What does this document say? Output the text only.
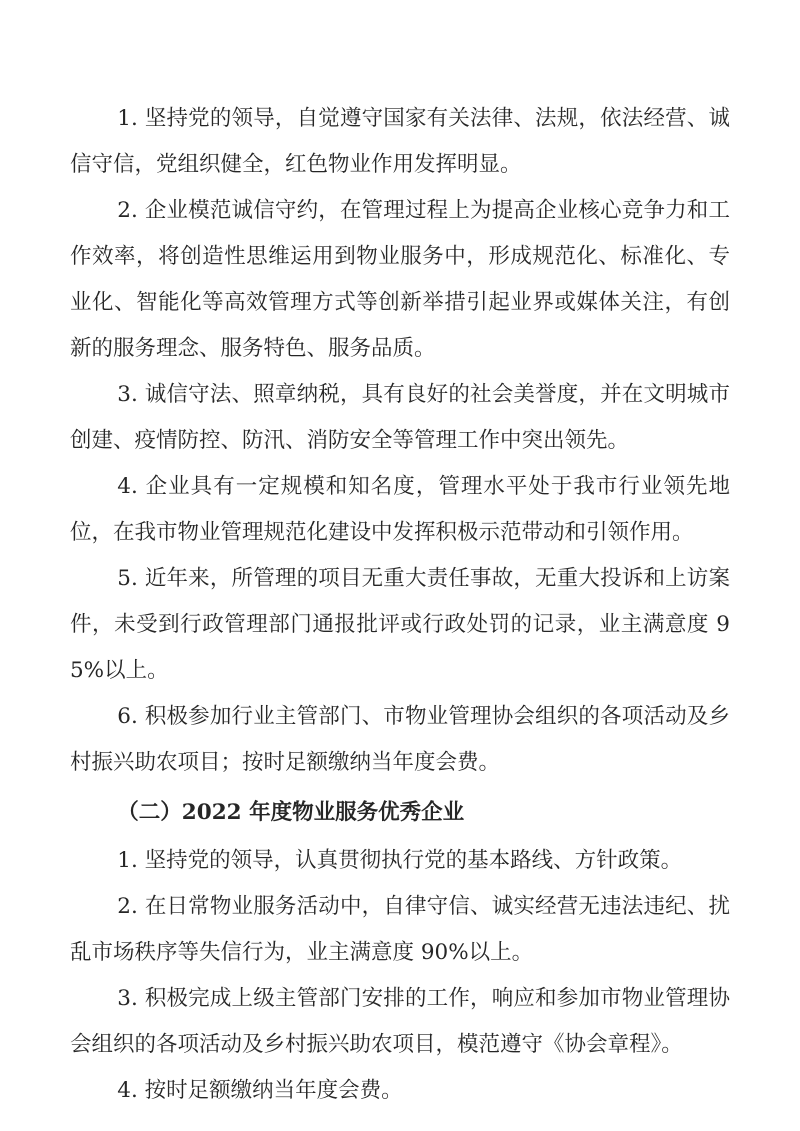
1. 坚持党的领导，自觉遵守国家有关法律、法规，依法经营、诚信守信，党组织健全，红色物业作用发挥明显。

2. 企业模范诚信守约，在管理过程上为提高企业核心竞争力和工作效率，将创造性思维运用到物业服务中，形成规范化、标准化、专业化、智能化等高效管理方式等创新举措引起业界或媒体关注，有创新的服务理念、服务特色、服务品质。

3. 诚信守法、照章纳税，具有良好的社会美誉度，并在文明城市创建、疫情防控、防汛、消防安全等管理工作中突出领先。

4. 企业具有一定规模和知名度，管理水平处于我市行业领先地位，在我市物业管理规范化建设中发挥积极示范带动和引领作用。

5. 近年来，所管理的项目无重大责任事故，无重大投诉和上访案件，未受到行政管理部门通报批评或行政处罚的记录，业主满意度 95%以上。

6. 积极参加行业主管部门、市物业管理协会组织的各项活动及乡村振兴助农项目；按时足额缴纳当年度会费。

（二）2022 年度物业服务优秀企业

1. 坚持党的领导，认真贯彻执行党的基本路线、方针政策。

2. 在日常物业服务活动中，自律守信、诚实经营无违法违纪、扰乱市场秩序等失信行为，业主满意度 90%以上。

3. 积极完成上级主管部门安排的工作，响应和参加市物业管理协会组织的各项活动及乡村振兴助农项目，模范遵守《协会章程》。

4. 按时足额缴纳当年度会费。
